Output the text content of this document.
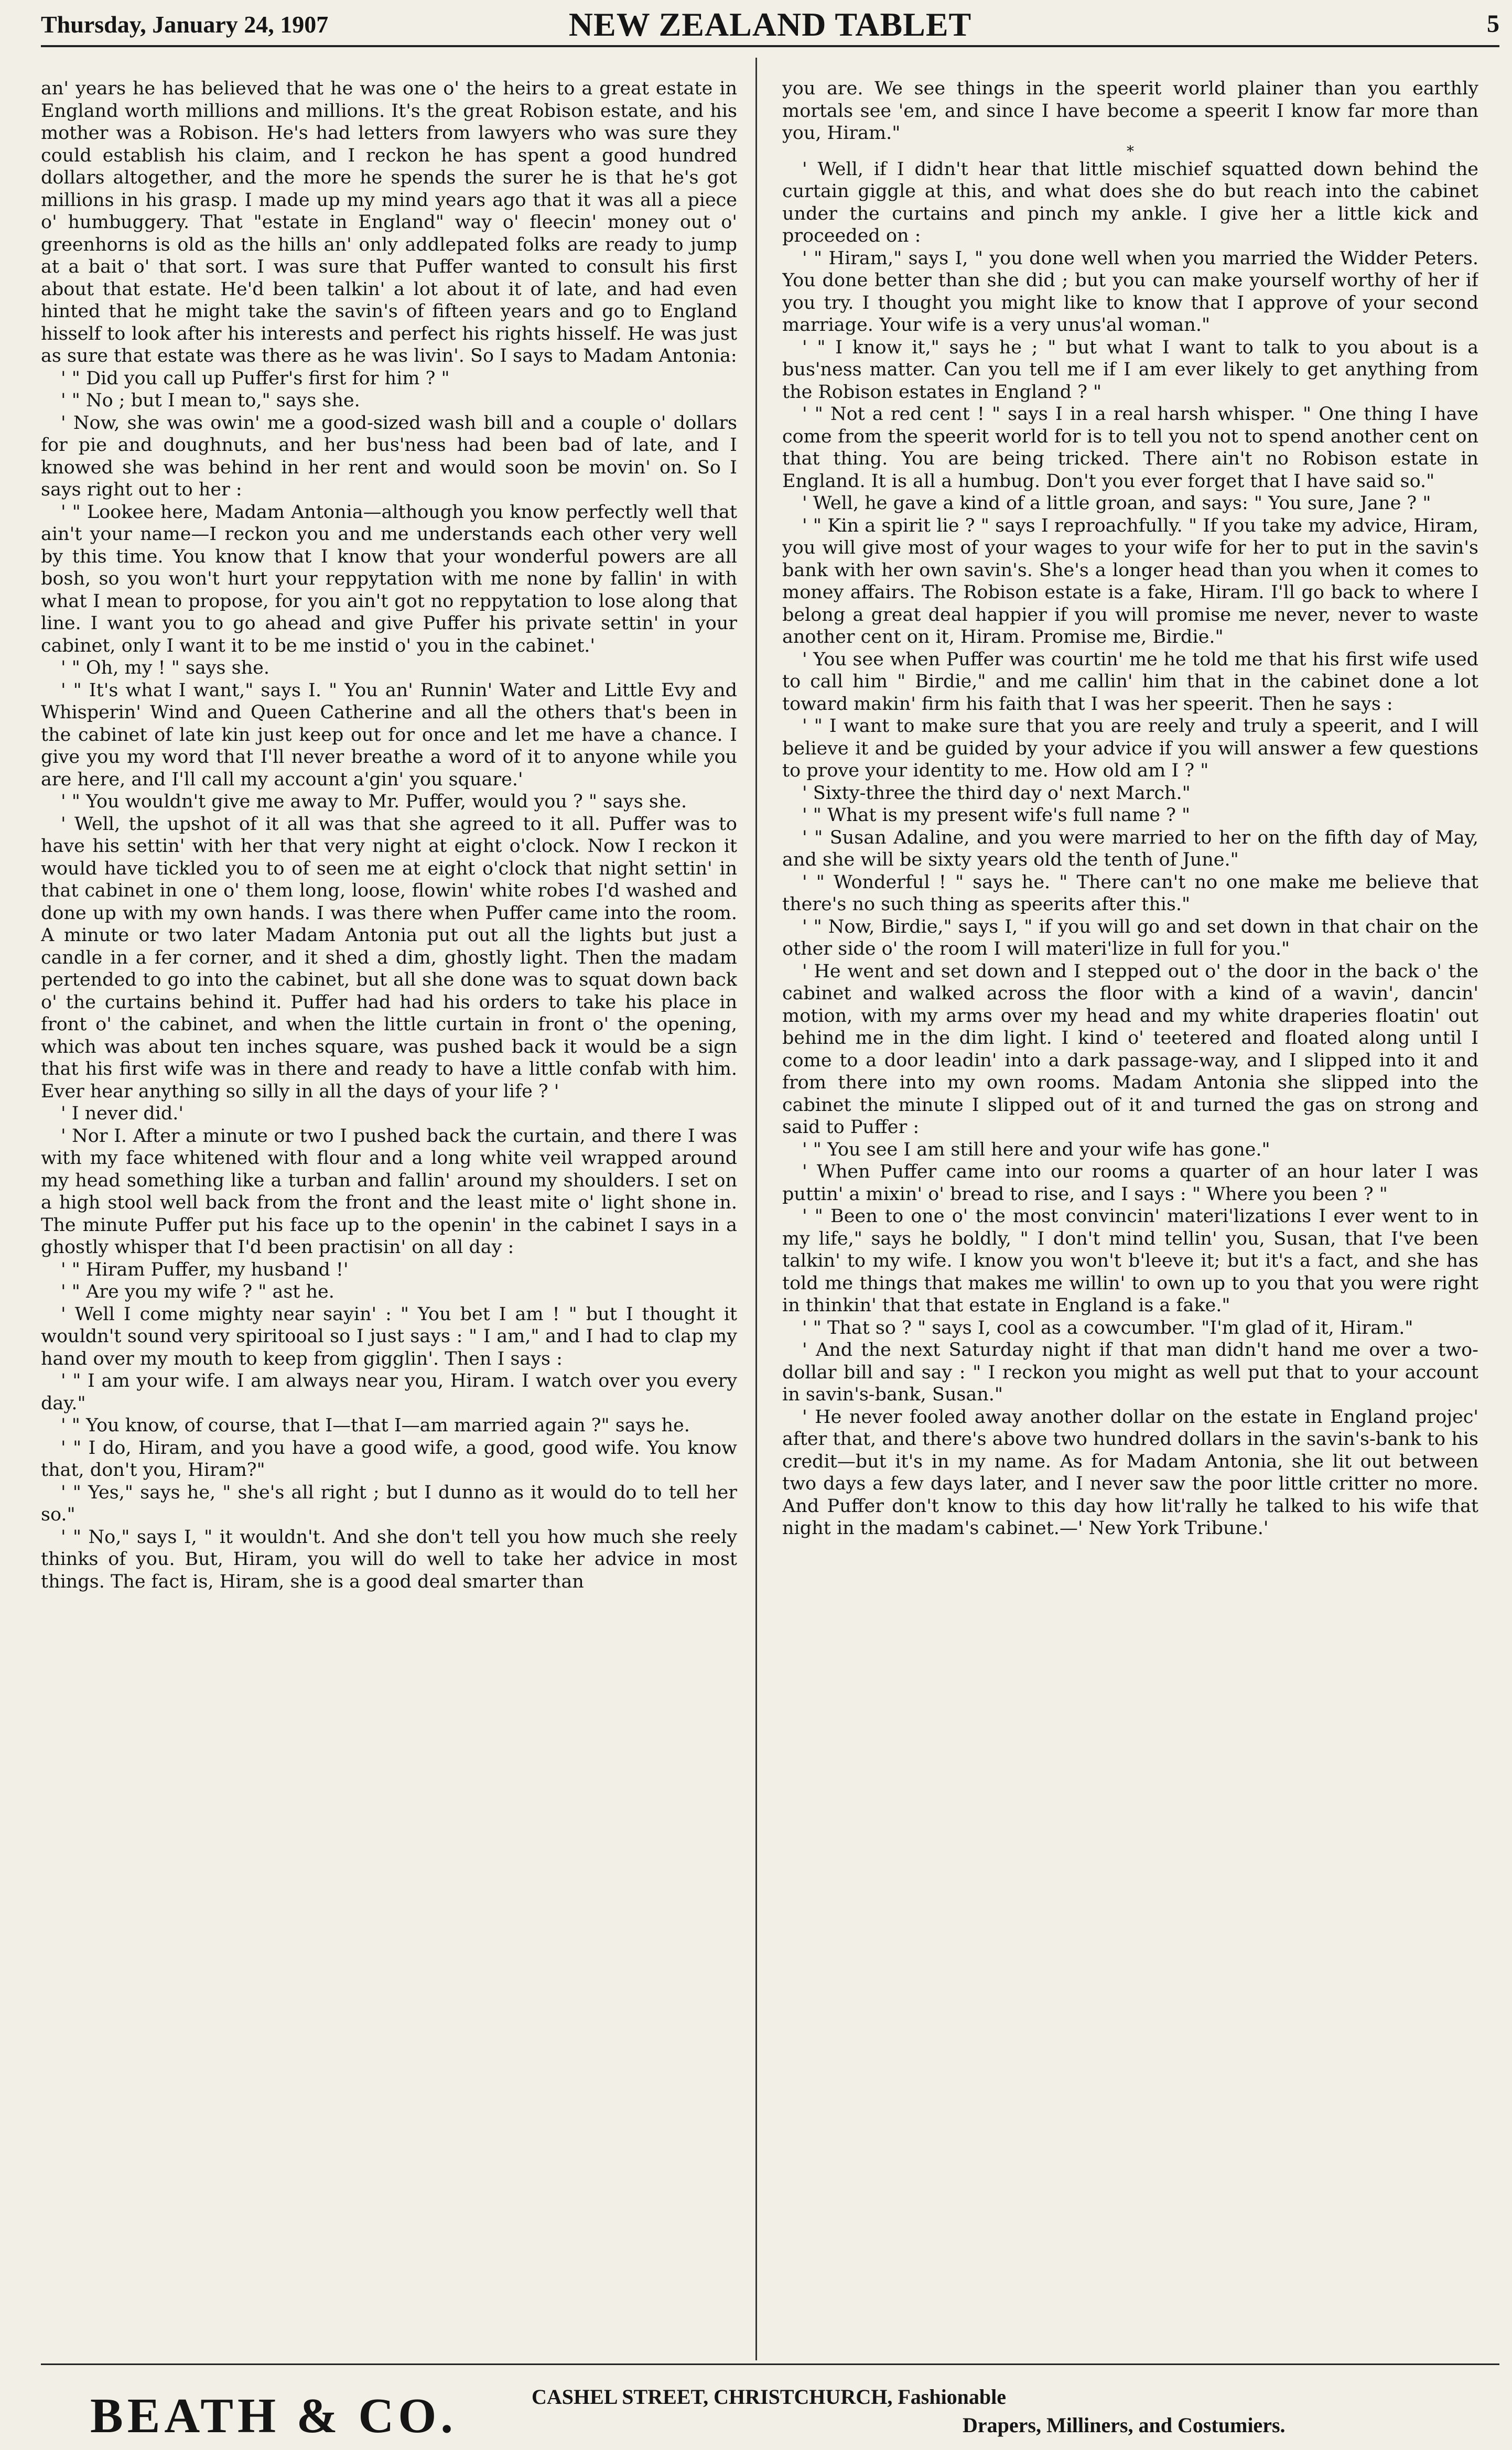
Thursday, January 24, 1907	NEW ZEALAND TABLET	5

an' years he has believed that he was one o' the heirs to a great estate in England worth millions and millions. It's the great Robison estate, and his mother was a Robison. He's had letters from lawyers who was sure they could establish his claim, and I reckon he has spent a good hundred dollars altogether, and the more he spends the surer he is that he's got millions in his grasp. I made up my mind years ago that it was all a piece o' humbuggery. That "estate in England" way o' fleecin' money out o' greenhorns is old as the hills an' only addlepated folks are ready to jump at a bait o' that sort. I was sure that Puffer wanted to consult his first about that estate. He'd been talkin' a lot about it of late, and had even hinted that he might take the savin's of fifteen years and go to England hisself to look after his interests and perfect his rights hisself. He was just as sure that estate was there as he was livin'. So I says to Madam Antonia:

' " Did you call up Puffer's first for him ? "

' " No ; but I mean to," says she.

' Now, she was owin' me a good-sized wash bill and a couple o' dollars for pie and doughnuts, and her bus'ness had been bad of late, and I knowed she was behind in her rent and would soon be movin' on. So I says right out to her :

' " Lookee here, Madam Antonia—although you know perfectly well that ain't your name—I reckon you and me understands each other very well by this time. You know that I know that your wonderful powers are all bosh, so you won't hurt your reppytation with me none by fallin' in with what I mean to propose, for you ain't got no reppytation to lose along that line. I want you to go ahead and give Puffer his private settin' in your cabinet, only I want it to be me instid o' you in the cabinet.'

' " Oh, my ! " says she.

' " It's what I want," says I. " You an' Runnin' Water and Little Evy and Whisperin' Wind and Queen Catherine and all the others that's been in the cabinet of late kin just keep out for once and let me have a chance. I give you my word that I'll never breathe a word of it to anyone while you are here, and I'll call my account a'gin' you square.'

' " You wouldn't give me away to Mr. Puffer, would you ? " says she.

' Well, the upshot of it all was that she agreed to it all. Puffer was to have his settin' with her that very night at eight o'clock. Now I reckon it would have tickled you to of seen me at eight o'clock that night settin' in that cabinet in one o' them long, loose, flowin' white robes I'd washed and done up with my own hands. I was there when Puffer came into the room. A minute or two later Madam Antonia put out all the lights but just a candle in a fer corner, and it shed a dim, ghostly light. Then the madam pertended to go into the cabinet, but all she done was to squat down back o' the curtains behind it. Puffer had had his orders to take his place in front o' the cabinet, and when the little curtain in front o' the opening, which was about ten inches square, was pushed back it would be a sign that his first wife was in there and ready to have a little confab with him. Ever hear anything so silly in all the days of your life ? '

' I never did.'

' Nor I. After a minute or two I pushed back the curtain, and there I was with my face whitened with flour and a long white veil wrapped around my head something like a turban and fallin' around my shoulders. I set on a high stool well back from the front and the least mite o' light shone in. The minute Puffer put his face up to the openin' in the cabinet I says in a ghostly whisper that I'd been practisin' on all day :

' " Hiram Puffer, my husband !'

' " Are you my wife ? " ast he.

' Well I come mighty near sayin' : " You bet I am ! " but I thought it wouldn't sound very spiritooal so I just says : " I am," and I had to clap my hand over my mouth to keep from gigglin'. Then I says :

' " I am your wife. I am always near you, Hiram. I watch over you every day."

' " You know, of course, that I—that I—am married again ?" says he.

' " I do, Hiram, and you have a good wife, a good, good wife. You know that, don't you, Hiram?"

' " Yes," says he, " she's all right ; but I dunno as it would do to tell her so."

' " No," says I, " it wouldn't. And she don't tell you how much she reely thinks of you. But, Hiram, you will do well to take her advice in most things. The fact is, Hiram, she is a good deal smarter than

you are. We see things in the speerit world plainer than you earthly mortals see 'em, and since I have become a speerit I know far more than you, Hiram."

*

' Well, if I didn't hear that little mischief squatted down behind the curtain giggle at this, and what does she do but reach into the cabinet under the curtains and pinch my ankle. I give her a little kick and proceeded on :

' " Hiram," says I, " you done well when you married the Widder Peters. You done better than she did ; but you can make yourself worthy of her if you try. I thought you might like to know that I approve of your second marriage. Your wife is a very unus'al woman."

' " I know it," says he ; " but what I want to talk to you about is a bus'ness matter. Can you tell me if I am ever likely to get anything from the Robison estates in England ? "

' " Not a red cent ! " says I in a real harsh whisper. " One thing I have come from the speerit world for is to tell you not to spend another cent on that thing. You are being tricked. There ain't no Robison estate in England. It is all a humbug. Don't you ever forget that I have said so."

' Well, he gave a kind of a little groan, and says: " You sure, Jane ? "

' " Kin a spirit lie ? " says I reproachfully. " If you take my advice, Hiram, you will give most of your wages to your wife for her to put in the savin's bank with her own savin's. She's a longer head than you when it comes to money affairs. The Robison estate is a fake, Hiram. I'll go back to where I belong a great deal happier if you will promise me never, never to waste another cent on it, Hiram. Promise me, Birdie."

' You see when Puffer was courtin' me he told me that his first wife used to call him " Birdie," and me callin' him that in the cabinet done a lot toward makin' firm his faith that I was her speerit. Then he says :

' " I want to make sure that you are reely and truly a speerit, and I will believe it and be guided by your advice if you will answer a few questions to prove your identity to me. How old am I ? "

' Sixty-three the third day o' next March."

' " What is my present wife's full name ? "

' " Susan Adaline, and you were married to her on the fifth day of May, and she will be sixty years old the tenth of June."

' " Wonderful ! " says he. " There can't no one make me believe that there's no such thing as speerits after this."

' " Now, Birdie," says I, " if you will go and set down in that chair on the other side o' the room I will materi'lize in full for you."

' He went and set down and I stepped out o' the door in the back o' the cabinet and walked across the floor with a kind of a wavin', dancin' motion, with my arms over my head and my white draperies floatin' out behind me in the dim light. I kind o' teetered and floated along until I come to a door leadin' into a dark passage-way, and I slipped into it and from there into my own rooms. Madam Antonia she slipped into the cabinet the minute I slipped out of it and turned the gas on strong and said to Puffer :

' " You see I am still here and your wife has gone."

' When Puffer came into our rooms a quarter of an hour later I was puttin' a mixin' o' bread to rise, and I says : " Where you been ? "

' " Been to one o' the most convincin' materi'lizations I ever went to in my life," says he boldly, " I don't mind tellin' you, Susan, that I've been talkin' to my wife. I know you won't b'leeve it; but it's a fact, and she has told me things that makes me willin' to own up to you that you were right in thinkin' that that estate in England is a fake."

' " That so ? " says I, cool as a cowcumber. "I'm glad of it, Hiram."

' And the next Saturday night if that man didn't hand me over a two-dollar bill and say : " I reckon you might as well put that to your account in savin's-bank, Susan."

' He never fooled away another dollar on the estate in England projec' after that, and there's above two hundred dollars in the savin's-bank to his credit—but it's in my name. As for Madam Antonia, she lit out between two days a few days later, and I never saw the poor little critter no more. And Puffer don't know to this day how lit'rally he talked to his wife that night in the madam's cabinet.—' New York Tribune.'

BEATH & CO.	CASHEL STREET, CHRISTCHURCH, Fashionable
Drapers, Milliners, and Costumiers.
